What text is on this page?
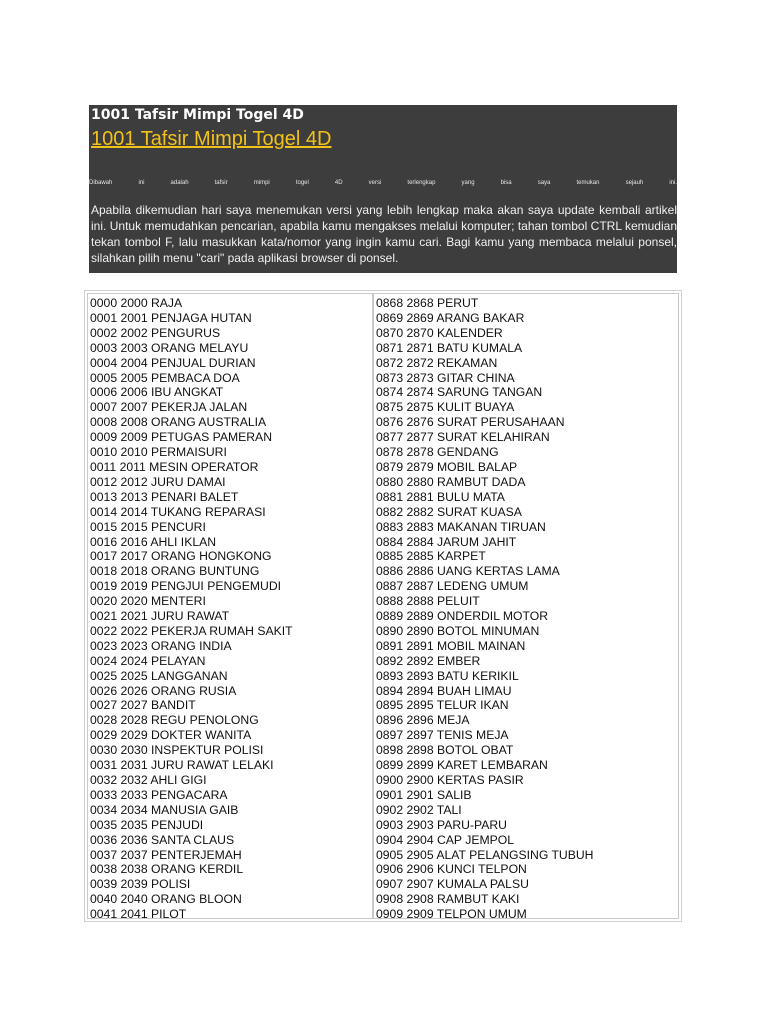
1001 Tafsir Mimpi Togel 4D
1001 Tafsir Mimpi Togel 4D
Dibawah	ini	adalah	tafsir	mimpi	togel	4D	versi	terlengkap	yang	bisa	saya	temukan	sejauh	ini.

Apabila dikemudian hari saya menemukan versi yang lebih lengkap maka akan saya update kembali artikel ini. Untuk memudahkan pencarian, apabila kamu mengakses melalui komputer; tahan tombol CTRL kemudian tekan tombol F, lalu masukkan kata/nomor yang ingin kamu cari. Bagi kamu yang membaca melalui ponsel, silahkan pilih menu "cari" pada aplikasi browser di ponsel.

0000 2000 RAJA
0001 2001 PENJAGA HUTAN
0002 2002 PENGURUS
0003 2003 ORANG MELAYU
0004 2004 PENJUAL DURIAN
0005 2005 PEMBACA DOA
0006 2006 IBU ANGKAT
0007 2007 PEKERJA JALAN
0008 2008 ORANG AUSTRALIA
0009 2009 PETUGAS PAMERAN
0010 2010 PERMAISURI
0011 2011 MESIN OPERATOR
0012 2012 JURU DAMAI
0013 2013 PENARI BALET
0014 2014 TUKANG REPARASI
0015 2015 PENCURI
0016 2016 AHLI IKLAN
0017 2017 ORANG HONGKONG
0018 2018 ORANG BUNTUNG
0019 2019 PENGJUI PENGEMUDI
0020 2020 MENTERI
0021 2021 JURU RAWAT
0022 2022 PEKERJA RUMAH SAKIT
0023 2023 ORANG INDIA
0024 2024 PELAYAN
0025 2025 LANGGANAN
0026 2026 ORANG RUSIA
0027 2027 BANDIT
0028 2028 REGU PENOLONG
0029 2029 DOKTER WANITA
0030 2030 INSPEKTUR POLISI
0031 2031 JURU RAWAT LELAKI
0032 2032 AHLI GIGI
0033 2033 PENGACARA
0034 2034 MANUSIA GAIB
0035 2035 PENJUDI
0036 2036 SANTA CLAUS
0037 2037 PENTERJEMAH
0038 2038 ORANG KERDIL
0039 2039 POLISI
0040 2040 ORANG BLOON
0041 2041 PILOT
0868 2868 PERUT
0869 2869 ARANG BAKAR
0870 2870 KALENDER
0871 2871 BATU KUMALA
0872 2872 REKAMAN
0873 2873 GITAR CHINA
0874 2874 SARUNG TANGAN
0875 2875 KULIT BUAYA
0876 2876 SURAT PERUSAHAAN
0877 2877 SURAT KELAHIRAN
0878 2878 GENDANG
0879 2879 MOBIL BALAP
0880 2880 RAMBUT DADA
0881 2881 BULU MATA
0882 2882 SURAT KUASA
0883 2883 MAKANAN TIRUAN
0884 2884 JARUM JAHIT
0885 2885 KARPET
0886 2886 UANG KERTAS LAMA
0887 2887 LEDENG UMUM
0888 2888 PELUIT
0889 2889 ONDERDIL MOTOR
0890 2890 BOTOL MINUMAN
0891 2891 MOBIL MAINAN
0892 2892 EMBER
0893 2893 BATU KERIKIL
0894 2894 BUAH LIMAU
0895 2895 TELUR IKAN
0896 2896 MEJA
0897 2897 TENIS MEJA
0898 2898 BOTOL OBAT
0899 2899 KARET LEMBARAN
0900 2900 KERTAS PASIR
0901 2901 SALIB
0902 2902 TALI
0903 2903 PARU-PARU
0904 2904 CAP JEMPOL
0905 2905 ALAT PELANGSING TUBUH
0906 2906 KUNCI TELPON
0907 2907 KUMALA PALSU
0908 2908 RAMBUT KAKI
0909 2909 TELPON UMUM
